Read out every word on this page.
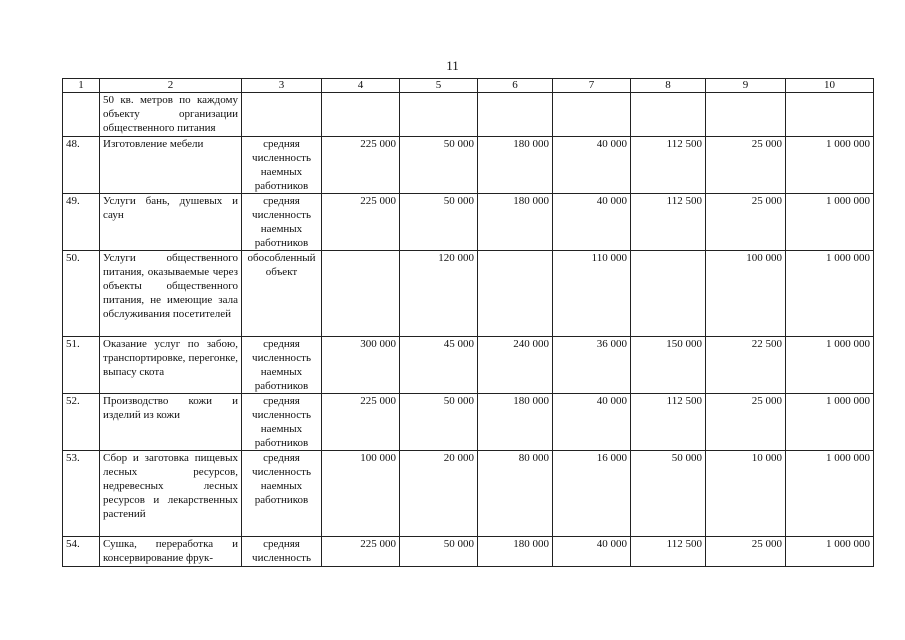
11
1	2	3	4	5	6	7	8	9	10
	50 кв. метров по каждому объекту организации общественного питания								
48.	Изготовление мебели	средняя численность наемных работников	225 000	50 000	180 000	40 000	112 500	25 000	1 000 000
49.	Услуги бань, душевых и саун	средняя численность наемных работников	225 000	50 000	180 000	40 000	112 500	25 000	1 000 000
50.	Услуги общественного питания, оказываемые через объекты общественного питания, не имеющие зала обслуживания посетителей	обособленный объект		120 000		110 000		100 000	1 000 000
51.	Оказание услуг по забою, транспортировке, перегонке, выпасу скота	средняя численность наемных работников	300 000	45 000	240 000	36 000	150 000	22 500	1 000 000
52.	Производство кожи и изделий из кожи	средняя численность наемных работников	225 000	50 000	180 000	40 000	112 500	25 000	1 000 000
53.	Сбор и заготовка пищевых лесных ресурсов, недревесных лесных ресурсов и лекарственных растений	средняя численность наемных работников	100 000	20 000	80 000	16 000	50 000	10 000	1 000 000
54.	Сушка, переработка и консервирование фрук-	средняя численность	225 000	50 000	180 000	40 000	112 500	25 000	1 000 000
